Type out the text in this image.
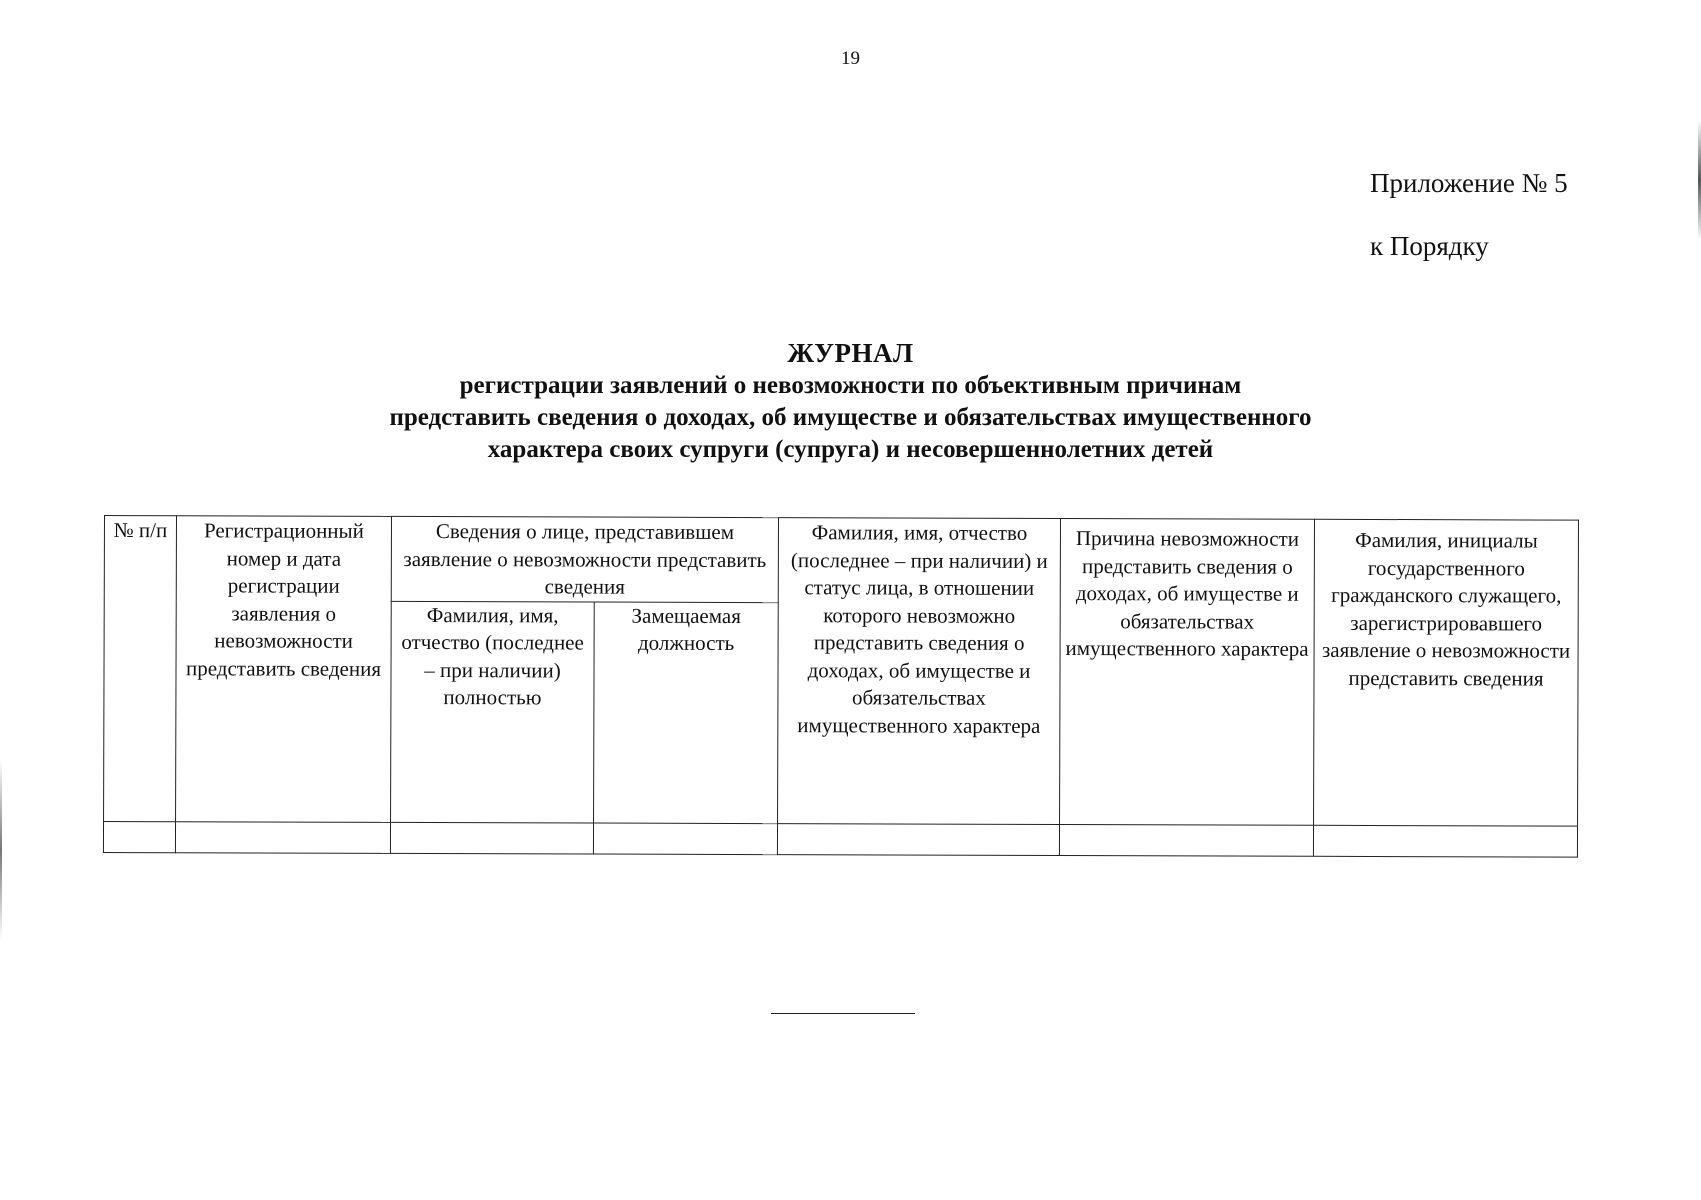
19
Приложение № 5
к Порядку
ЖУРНАЛ
регистрации заявлений о невозможности по объективным причинам
представить сведения о доходах, об имуществе и обязательствах имущественного
характера своих супруги (супруга) и несовершеннолетних детей
№ п/п	Регистрационный номер и дата регистрации заявления о невозможности представить сведения	Сведения о лице, представившем заявление о невозможности представить сведения		Фамилия, имя, отчество (последнее – при наличии) и статус лица, в отношении которого невозможно представить сведения о доходах, об имуществе и обязательствах имущественного характера	Причина невозможности представить сведения о доходах, об имуществе и обязательствах имущественного характера	Фамилия, инициалы государственного гражданского служащего, зарегистрировавшего заявление о невозможности представить сведения
		Фамилия, имя, отчество (последнее – при наличии) полностью	Замещаемая должность			
